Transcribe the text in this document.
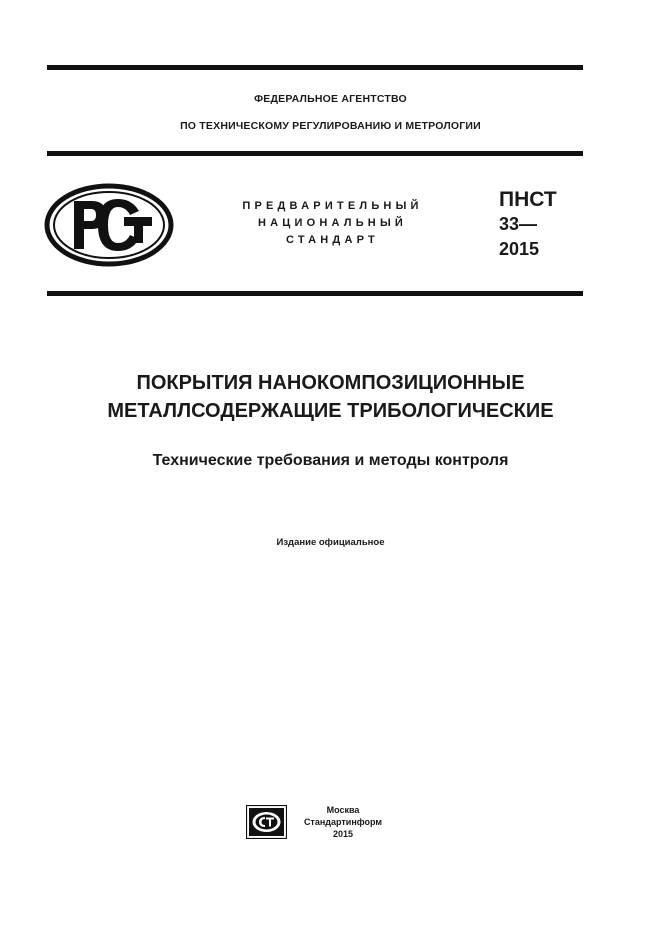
ФЕДЕРАЛЬНОЕ АГЕНТСТВО
ПО ТЕХНИЧЕСКОМУ РЕГУЛИРОВАНИЮ И МЕТРОЛОГИИ
ПРЕДВАРИТЕЛЬНЫЙ
НАЦИОНАЛЬНЫЙ
СТАНДАРТ
ПНСТ
33—
2015
ПОКРЫТИЯ НАНОКОМПОЗИЦИОННЫЕ
МЕТАЛЛСОДЕРЖАЩИЕ ТРИБОЛОГИЧЕСКИЕ
Технические требования и методы контроля
Издание официальное
Москва
Стандартинформ
2015
